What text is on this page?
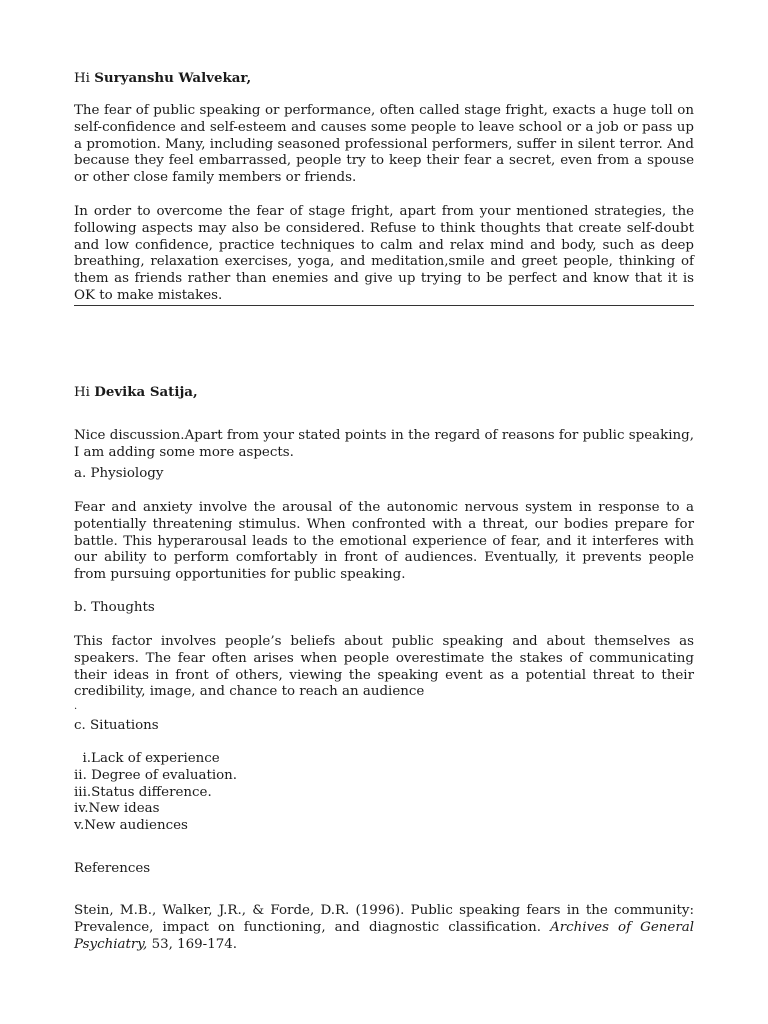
Hi Suryanshu Walvekar,

The fear of public speaking or performance, often called stage fright, exacts a huge toll on self-confidence and self-esteem and causes some people to leave school or a job or pass up a promotion. Many, including seasoned professional performers, suffer in silent terror. And because they feel embarrassed, people try to keep their fear a secret, even from a spouse or other close family members or friends.

In order to overcome the fear of stage fright, apart from your mentioned strategies, the following aspects may also be considered. Refuse to think thoughts that create self-doubt and low confidence, practice techniques to calm and relax mind and body, such as deep breathing, relaxation exercises, yoga, and meditation,smile and greet people, thinking of them as friends rather than enemies and give up trying to be perfect and know that it is OK to make mistakes.

Hi Devika Satija,

Nice discussion.Apart from your stated points in the regard of reasons for public speaking, I am adding some more aspects.

a. Physiology

Fear and anxiety involve the arousal of the autonomic nervous system in response to a potentially threatening stimulus. When confronted with a threat, our bodies prepare for battle. This hyperarousal leads to the emotional experience of fear, and it interferes with our ability to perform comfortably in front of audiences. Eventually, it prevents people from pursuing opportunities for public speaking.

b. Thoughts

This factor involves people’s beliefs about public speaking and about themselves as speakers. The fear often arises when people overestimate the stakes of communicating their ideas in front of others, viewing the speaking event as a potential threat to their credibility, image, and chance to reach an audience

.

c. Situations

i.Lack of experience
ii. Degree of evaluation.
iii.Status difference.
iv.New ideas
v.New audiences

References

Stein, M.B., Walker, J.R., & Forde, D.R. (1996). Public speaking fears in the community: Prevalence, impact on functioning, and diagnostic classification. Archives of General Psychiatry, 53, 169-174.
